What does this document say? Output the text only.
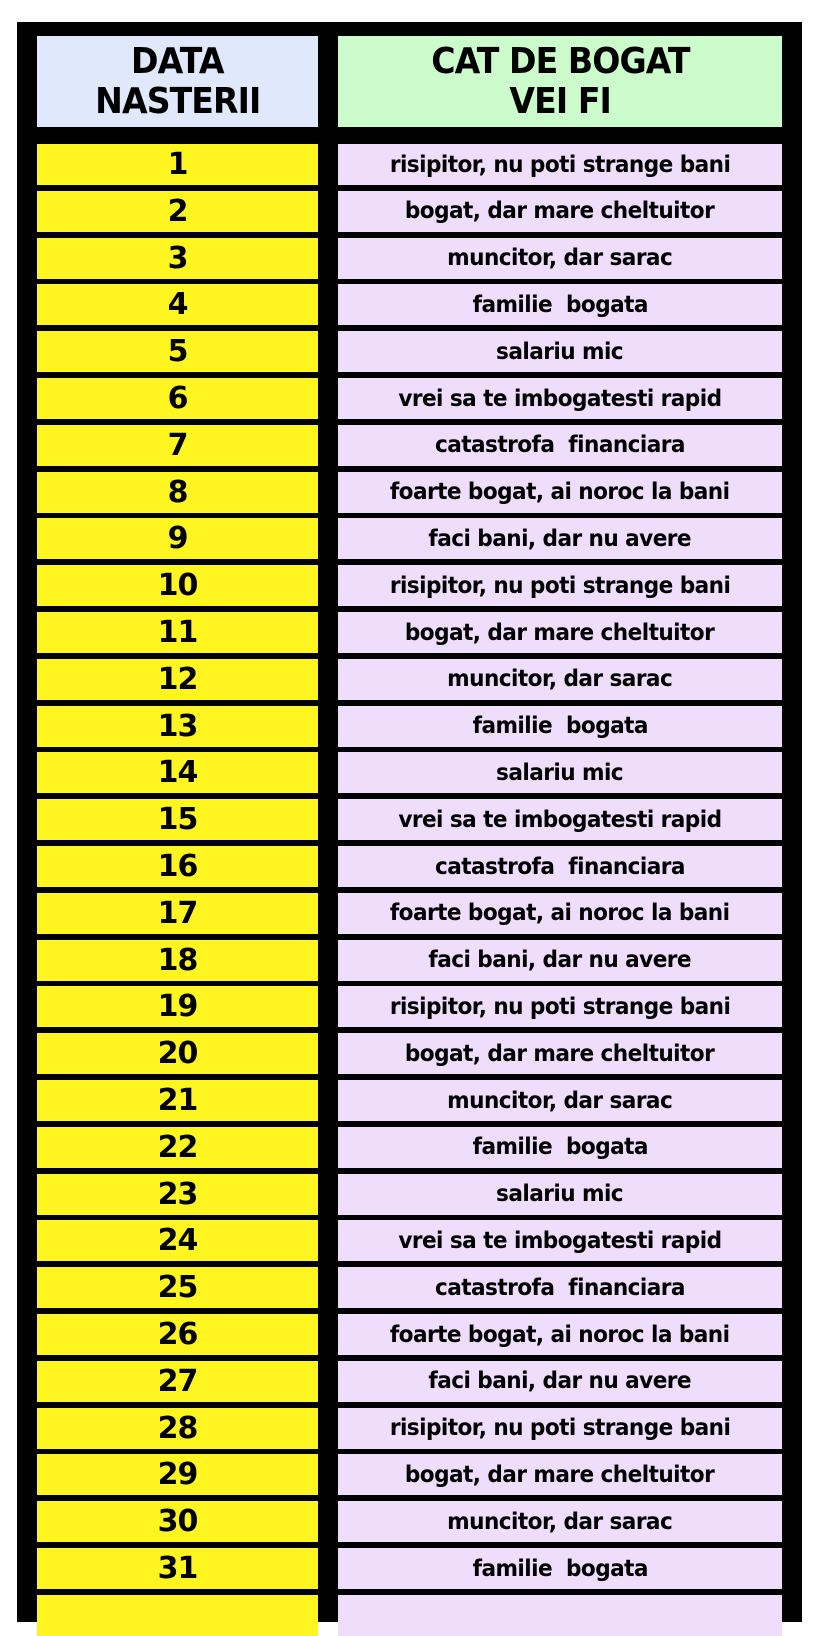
DATA
NASTERII
CAT DE BOGAT
VEI FI
1	risipitor, nu poti strange bani
2	bogat, dar mare cheltuitor
3	muncitor, dar sarac
4	familie  bogata
5	salariu mic
6	vrei sa te imbogatesti rapid
7	catastrofa  financiara
8	foarte bogat, ai noroc la bani
9	faci bani, dar nu avere
10	risipitor, nu poti strange bani
11	bogat, dar mare cheltuitor
12	muncitor, dar sarac
13	familie  bogata
14	salariu mic
15	vrei sa te imbogatesti rapid
16	catastrofa  financiara
17	foarte bogat, ai noroc la bani
18	faci bani, dar nu avere
19	risipitor, nu poti strange bani
20	bogat, dar mare cheltuitor
21	muncitor, dar sarac
22	familie  bogata
23	salariu mic
24	vrei sa te imbogatesti rapid
25	catastrofa  financiara
26	foarte bogat, ai noroc la bani
27	faci bani, dar nu avere
28	risipitor, nu poti strange bani
29	bogat, dar mare cheltuitor
30	muncitor, dar sarac
31	familie  bogata
